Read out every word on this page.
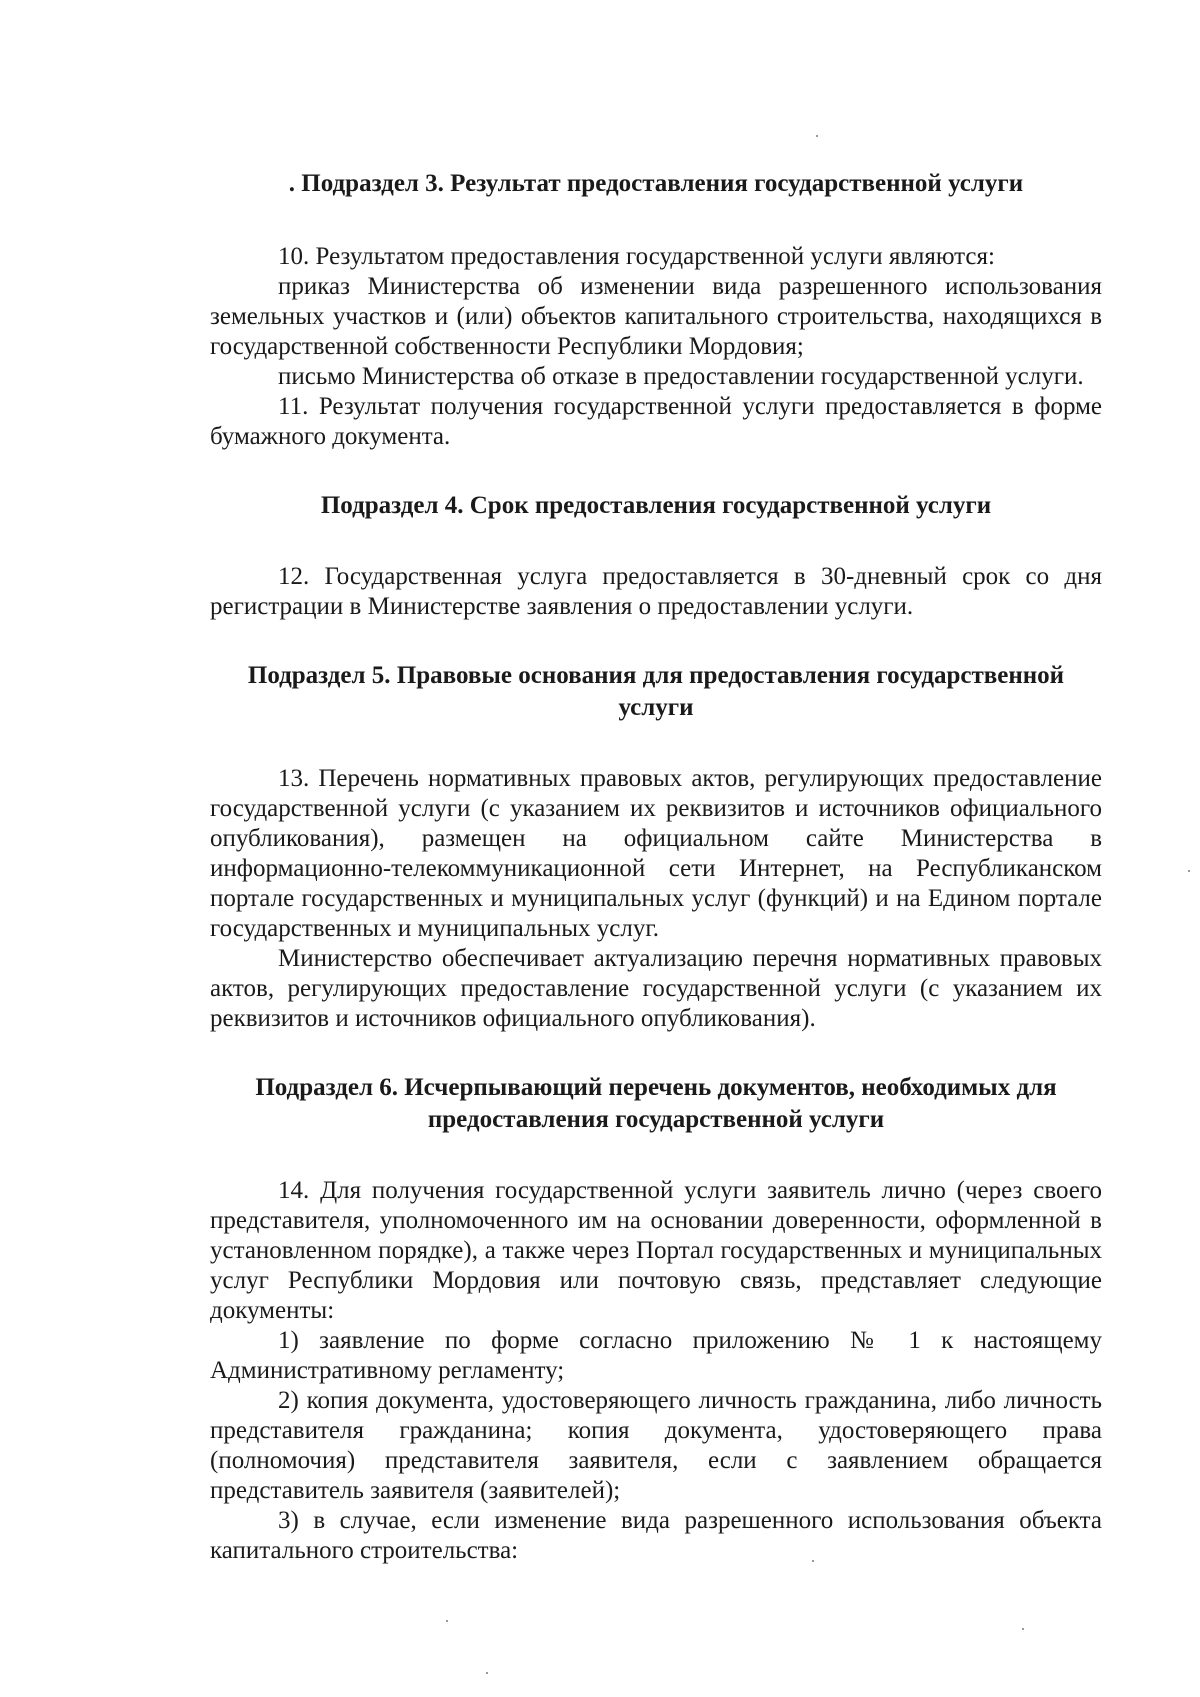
. Подраздел 3. Результат предоставления государственной услуги

10. Результатом предоставления государственной услуги являются:

приказ Министерства об изменении вида разрешенного использования земельных участков и (или) объектов капитального строительства, находящихся в государственной собственности Республики Мордовия;

письмо Министерства об отказе в предоставлении государственной услуги.

11. Результат получения государственной услуги предоставляется в форме бумажного документа.

Подраздел 4. Срок предоставления государственной услуги

12. Государственная услуга предоставляется в 30-дневный срок со дня регистрации в Министерстве заявления о предоставлении услуги.

Подраздел 5. Правовые основания для предоставления государственной услуги

13. Перечень нормативных правовых актов, регулирующих предоставление государственной услуги (с указанием их реквизитов и источников официального опубликования), размещен на официальном сайте Министерства в информационно-телекоммуникационной сети Интернет, на Республиканском портале государственных и муниципальных услуг (функций) и на Едином портале государственных и муниципальных услуг.

Министерство обеспечивает актуализацию перечня нормативных правовых актов, регулирующих предоставление государственной услуги (с указанием их реквизитов и источников официального опубликования).

Подраздел 6. Исчерпывающий перечень документов, необходимых для предоставления государственной услуги

14. Для получения государственной услуги заявитель лично (через своего представителя, уполномоченного им на основании доверенности, оформленной в установленном порядке), а также через Портал государственных и муниципальных услуг Республики Мордовия или почтовую связь, представляет следующие документы:

1) заявление по форме согласно приложению № 1 к настоящему Административному регламенту;

2) копия документа, удостоверяющего личность гражданина, либо личность представителя гражданина; копия документа, удостоверяющего права (полномочия) представителя заявителя, если с заявлением обращается представитель заявителя (заявителей);

3) в случае, если изменение вида разрешенного использования объекта капитального строительства:
